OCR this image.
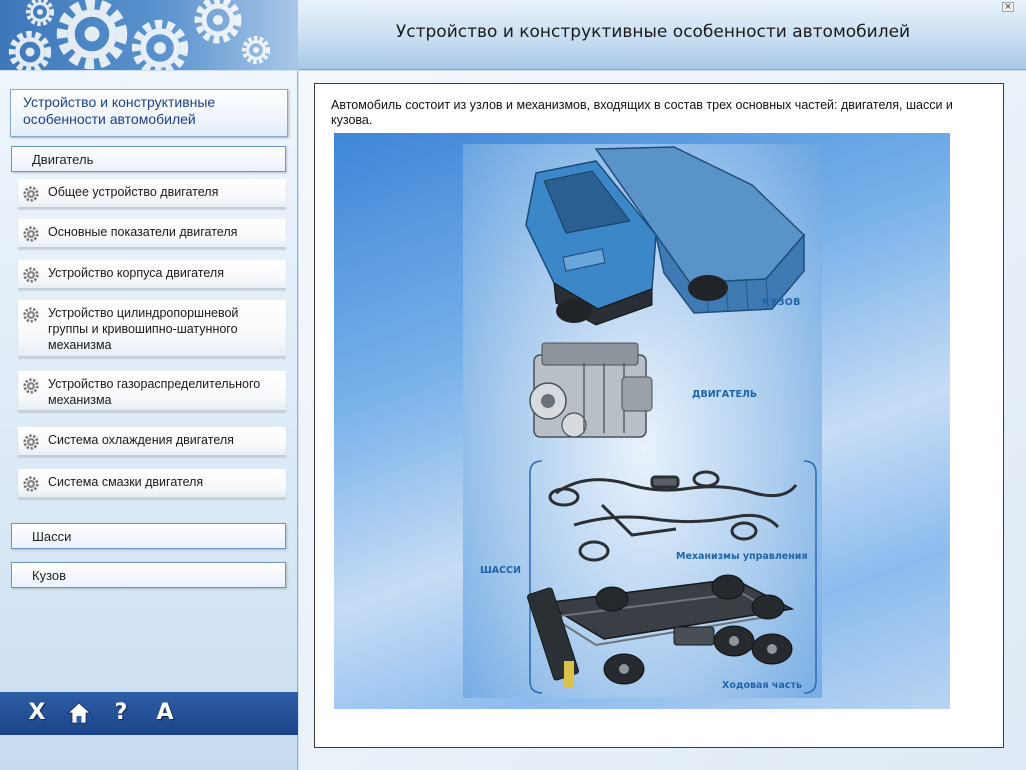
Устройство и конструктивные особенности автомобилей
×
Устройство и конструктивные особенности автомобилей
Двигатель
Общее устройство двигателя
Основные показатели двигателя
Устройство корпуса двигателя
Устройство цилиндропоршневой группы и кривошипно-шатунного механизма
Устройство газораспределительного механизма
Система охлаждения двигателя
Система смазки двигателя
Шасси
Кузов
X	?	A
Автомобиль состоит из узлов и механизмов, входящих в состав трех основных частей: двигателя, шасси и кузова.
КУЗОВ
ДВИГАТЕЛЬ
ШАССИ
Механизмы управления
Ходовая часть
